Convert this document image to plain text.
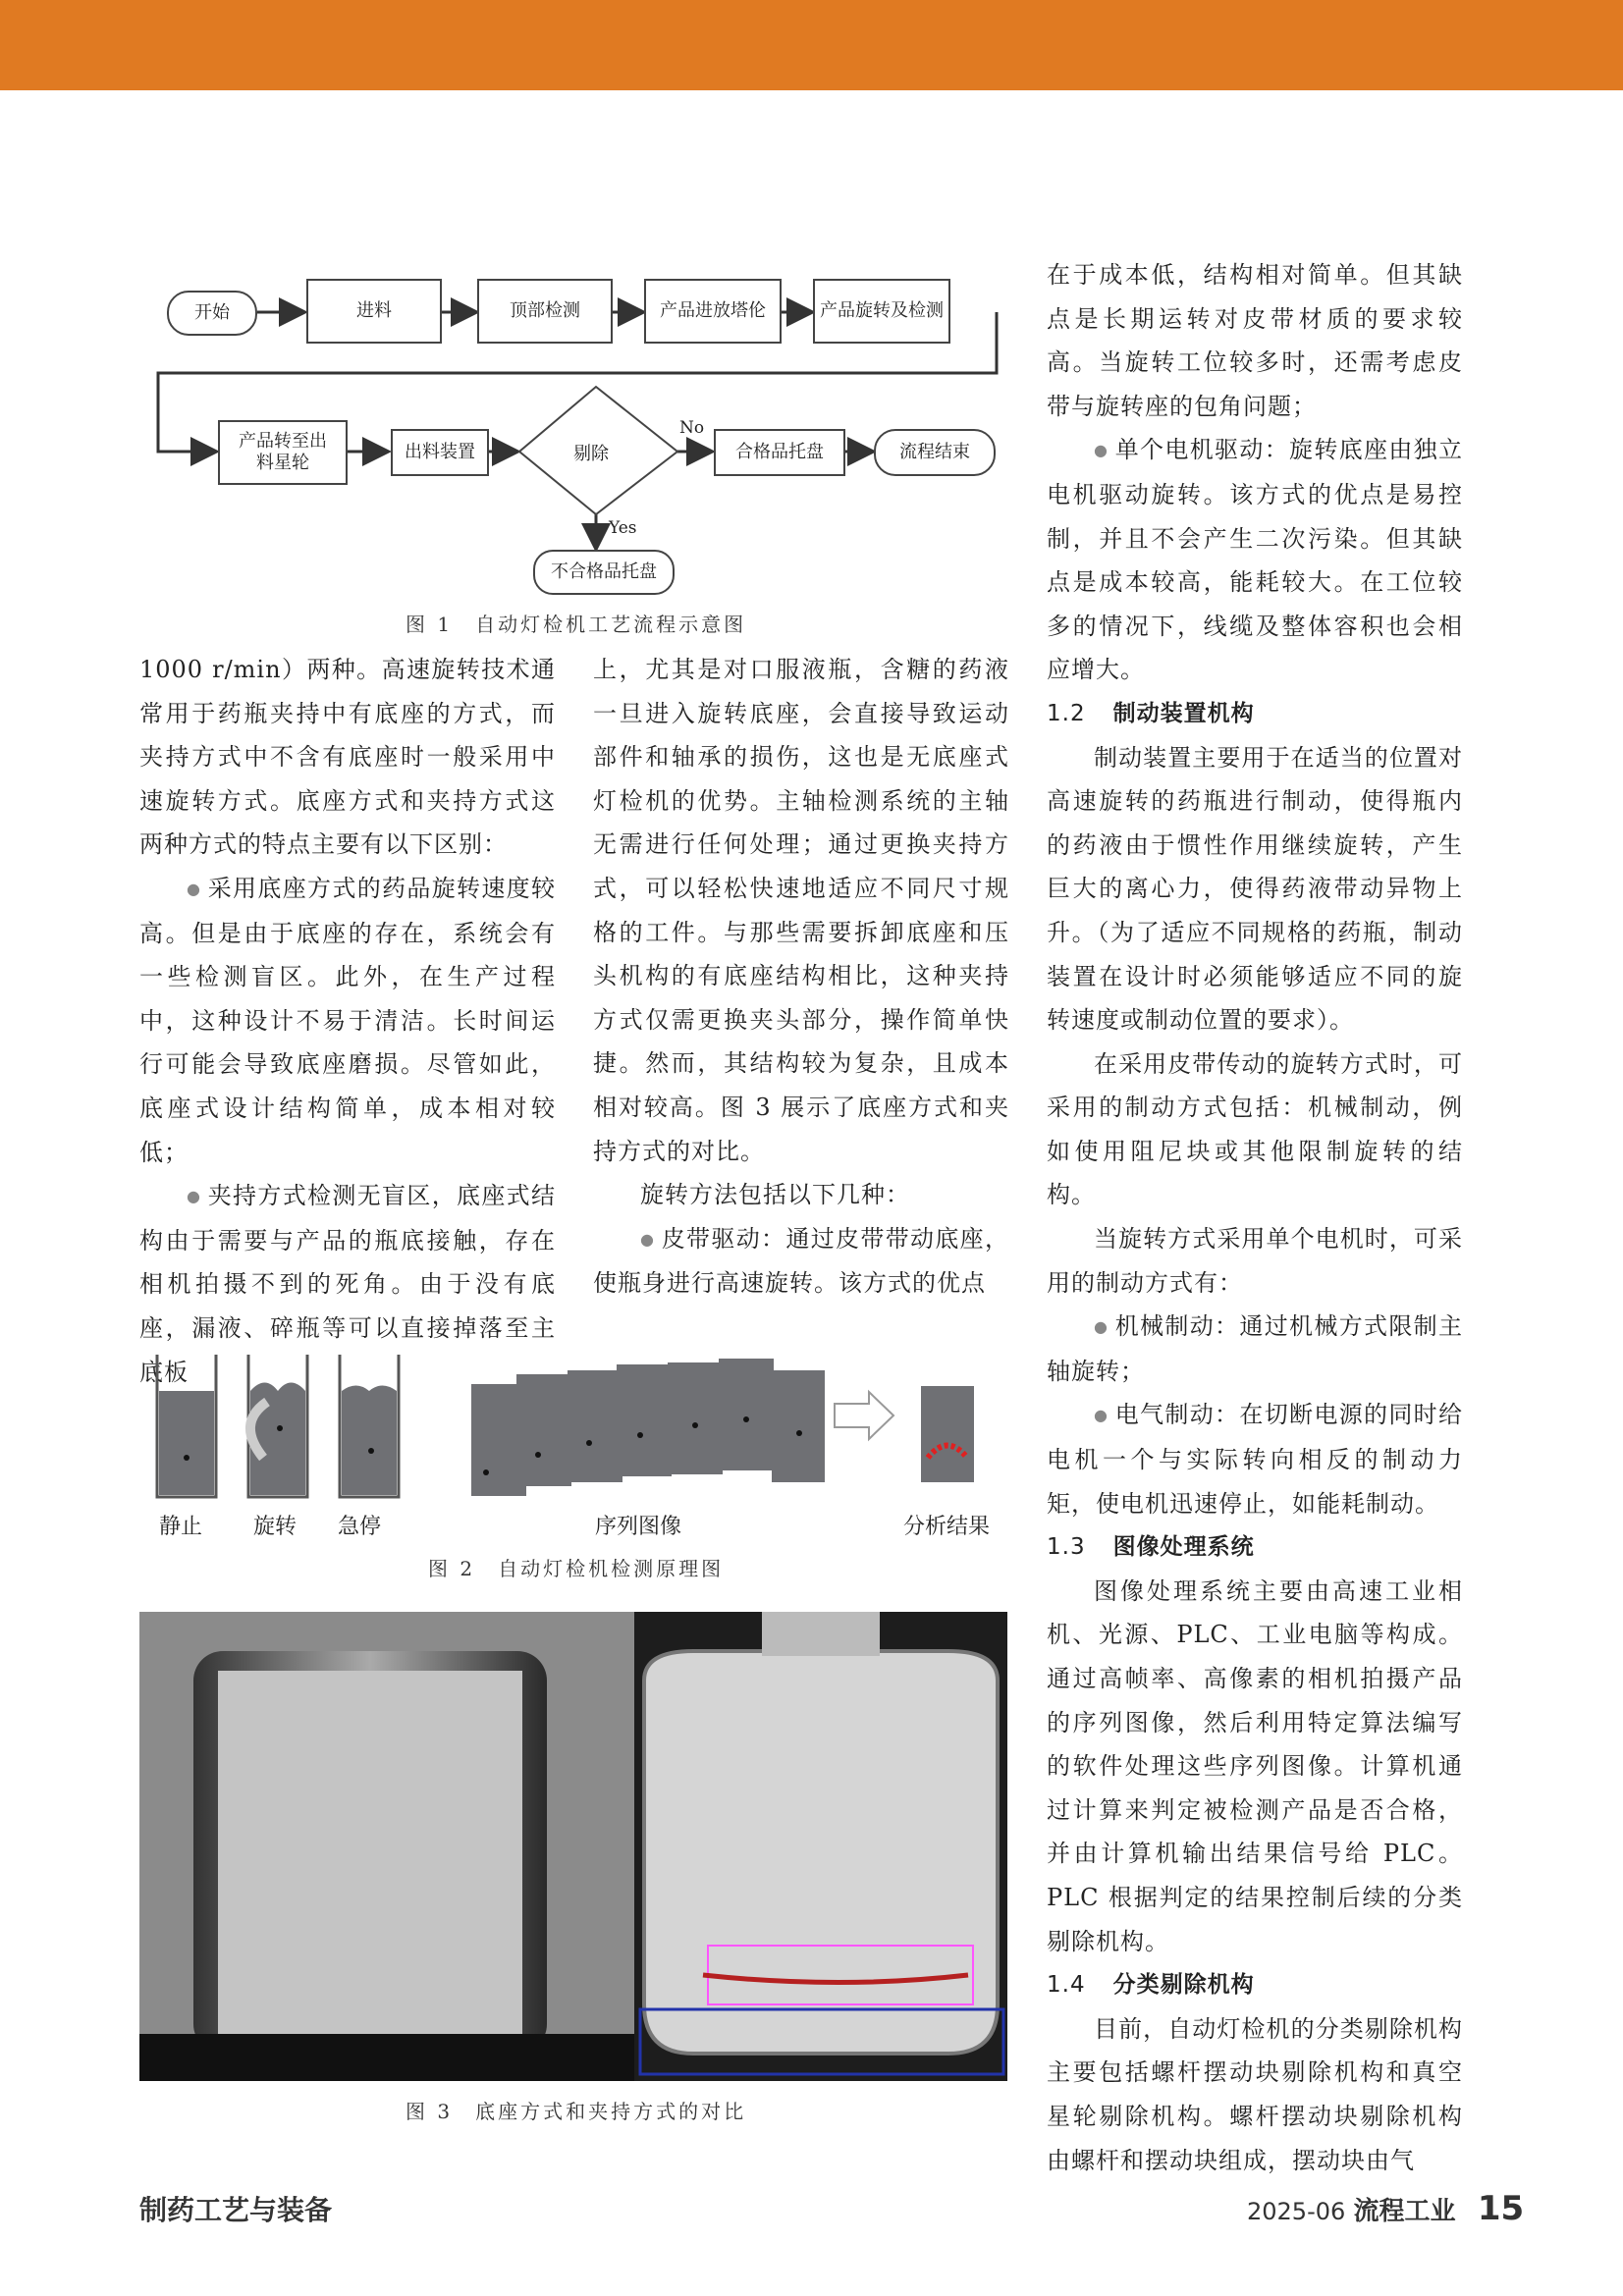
开始	进料	顶部检测	产品进放塔伦	产品旋转及检测
产品转至出料星轮
出料装置	剔除	合格品托盘	流程结束
不合格品托盘
No
Yes
图 1　自动灯检机工艺流程示意图

1000 r/min）两种。高速旋转技术通常用于药瓶夹持中有底座的方式，而夹持方式中不含有底座时一般采用中速旋转方式。底座方式和夹持方式这两种方式的特点主要有以下区别：

● 采用底座方式的药品旋转速度较高。但是由于底座的存在，系统会有一些检测盲区。此外，在生产过程中，这种设计不易于清洁。长时间运行可能会导致底座磨损。尽管如此，底座式设计结构简单，成本相对较低；

● 夹持方式检测无盲区，底座式结构由于需要与产品的瓶底接触，存在相机拍摄不到的死角。由于没有底座，漏液、碎瓶等可以直接掉落至主底板

上，尤其是对口服液瓶，含糖的药液一旦进入旋转底座，会直接导致运动部件和轴承的损伤，这也是无底座式灯检机的优势。主轴检测系统的主轴无需进行任何处理；通过更换夹持方式，可以轻松快速地适应不同尺寸规格的工件。与那些需要拆卸底座和压头机构的有底座结构相比，这种夹持方式仅需更换夹头部分，操作简单快捷。然而，其结构较为复杂，且成本相对较高。图 3 展示了底座方式和夹持方式的对比。

旋转方法包括以下几种：

● 皮带驱动：通过皮带带动底座，使瓶身进行高速旋转。该方式的优点

在于成本低，结构相对简单。但其缺点是长期运转对皮带材质的要求较高。当旋转工位较多时，还需考虑皮带与旋转座的包角问题；

● 单个电机驱动：旋转底座由独立电机驱动旋转。该方式的优点是易控制，并且不会产生二次污染。但其缺点是成本较高，能耗较大。在工位较多的情况下，线缆及整体容积也会相应增大。

1.2 制动装置机构

制动装置主要用于在适当的位置对高速旋转的药瓶进行制动，使得瓶内的药液由于惯性作用继续旋转，产生巨大的离心力，使得药液带动异物上升。（为了适应不同规格的药瓶，制动装置在设计时必须能够适应不同的旋转速度或制动位置的要求）。

在采用皮带传动的旋转方式时，可采用的制动方式包括：机械制动，例如使用阻尼块或其他限制旋转的结构。

当旋转方式采用单个电机时，可采用的制动方式有：

● 机械制动：通过机械方式限制主轴旋转；

● 电气制动：在切断电源的同时给电机一个与实际转向相反的制动力矩，使电机迅速停止，如能耗制动。

1.3 图像处理系统

图像处理系统主要由高速工业相机、光源、PLC、工业电脑等构成。通过高帧率、高像素的相机拍摄产品的序列图像，然后利用特定算法编写的软件处理这些序列图像。计算机通过计算来判定被检测产品是否合格，并由计算机输出结果信号给 PLC。PLC 根据判定的结果控制后续的分类剔除机构。

1.4 分类剔除机构

目前，自动灯检机的分类剔除机构主要包括螺杆摆动块剔除机构和真空星轮剔除机构。螺杆摆动块剔除机构由螺杆和摆动块组成，摆动块由气

静止 旋转 急停	序列图像	分析结果
图 2　自动灯检机检测原理图
图 3　底座方式和夹持方式的对比
制药工艺与装备	2025-06 流程工业 15
